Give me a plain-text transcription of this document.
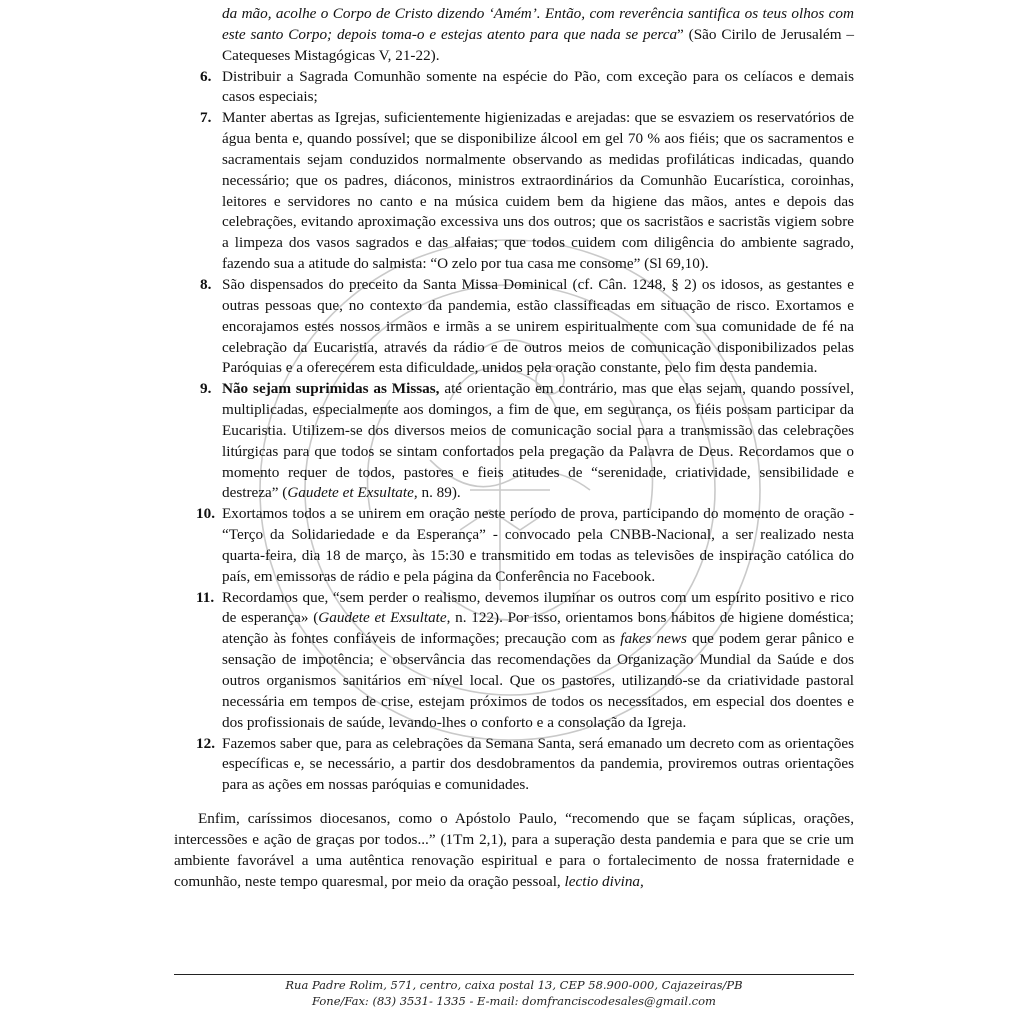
da mão, acolhe o Corpo de Cristo dizendo ‘Amém’. Então, com reverência santifica os teus olhos com este santo Corpo; depois toma-o e estejas atento para que nada se perca” (São Cirilo de Jerusalém – Catequeses Mistagógicas V, 21-22).

6. Distribuir a Sagrada Comunhão somente na espécie do Pão, com exceção para os celíacos e demais casos especiais;
7. Manter abertas as Igrejas, suficientemente higienizadas e arejadas: que se esvaziem os reservatórios de água benta e, quando possível; que se disponibilize álcool em gel 70 % aos fiéis; que os sacramentos e sacramentais sejam conduzidos normalmente observando as medidas profiláticas indicadas, quando necessário; que os padres, diáconos, ministros extraordinários da Comunhão Eucarística, coroinhas, leitores e servidores no canto e na música cuidem bem da higiene das mãos, antes e depois das celebrações, evitando aproximação excessiva uns dos outros; que os sacristãos e sacristãs vigiem sobre a limpeza dos vasos sagrados e das alfaias; que todos cuidem com diligência do ambiente sagrado, fazendo sua a atitude do salmista: “O zelo por tua casa me consome” (Sl 69,10).
8. São dispensados do preceito da Santa Missa Dominical (cf. Cân. 1248, § 2) os idosos, as gestantes e outras pessoas que, no contexto da pandemia, estão classificadas em situação de risco. Exortamos e encorajamos estes nossos irmãos e irmãs a se unirem espiritualmente com sua comunidade de fé na celebração da Eucaristia, através da rádio e de outros meios de comunicação disponibilizados pelas Paróquias e a oferecerem esta dificuldade, unidos pela oração constante, pelo fim desta pandemia.
9. Não sejam suprimidas as Missas, até orientação em contrário, mas que elas sejam, quando possível, multiplicadas, especialmente aos domingos, a fim de que, em segurança, os fiéis possam participar da Eucaristia. Utilizem-se dos diversos meios de comunicação social para a transmissão das celebrações litúrgicas para que todos se sintam confortados pela pregação da Palavra de Deus. Recordamos que o momento requer de todos, pastores e fieis atitudes de “serenidade, criatividade, sensibilidade e destreza” (Gaudete et Exsultate, n. 89).
10. Exortamos todos a se unirem em oração neste período de prova, participando do momento de oração - “Terço da Solidariedade e da Esperança” - convocado pela CNBB-Nacional, a ser realizado nesta quarta-feira, dia 18 de março, às 15:30 e transmitido em todas as televisões de inspiração católica do país, em emissoras de rádio e pela página da Conferência no Facebook.
11. Recordamos que, “sem perder o realismo, devemos iluminar os outros com um espírito positivo e rico de esperança» (Gaudete et Exsultate, n. 122). Por isso, orientamos bons hábitos de higiene doméstica; atenção às fontes confiáveis de informações; precaução com as fakes news que podem gerar pânico e sensação de impotência; e observância das recomendações da Organização Mundial da Saúde e dos outros organismos sanitários em nível local. Que os pastores, utilizando-se da criatividade pastoral necessária em tempos de crise, estejam próximos de todos os necessitados, em especial dos doentes e dos profissionais de saúde, levando-lhes o conforto e a consolação da Igreja.
12. Fazemos saber que, para as celebrações da Semana Santa, será emanado um decreto com as orientações específicas e, se necessário, a partir dos desdobramentos da pandemia, proviremos outras orientações para as ações em nossas paróquias e comunidades.

Enfim, caríssimos diocesanos, como o Apóstolo Paulo, “recomendo que se façam súplicas, orações, intercessões e ação de graças por todos...” (1Tm 2,1), para a superação desta pandemia e para que se crie um ambiente favorável a uma autêntica renovação espiritual e para o fortalecimento de nossa fraternidade e comunhão, neste tempo quaresmal, por meio da oração pessoal, lectio divina,

Rua Padre Rolim, 571, centro, caixa postal 13, CEP 58.900-000, Cajazeiras/PB
Fone/Fax: (83) 3531- 1335 - E-mail: domfranciscodesales@gmail.com
